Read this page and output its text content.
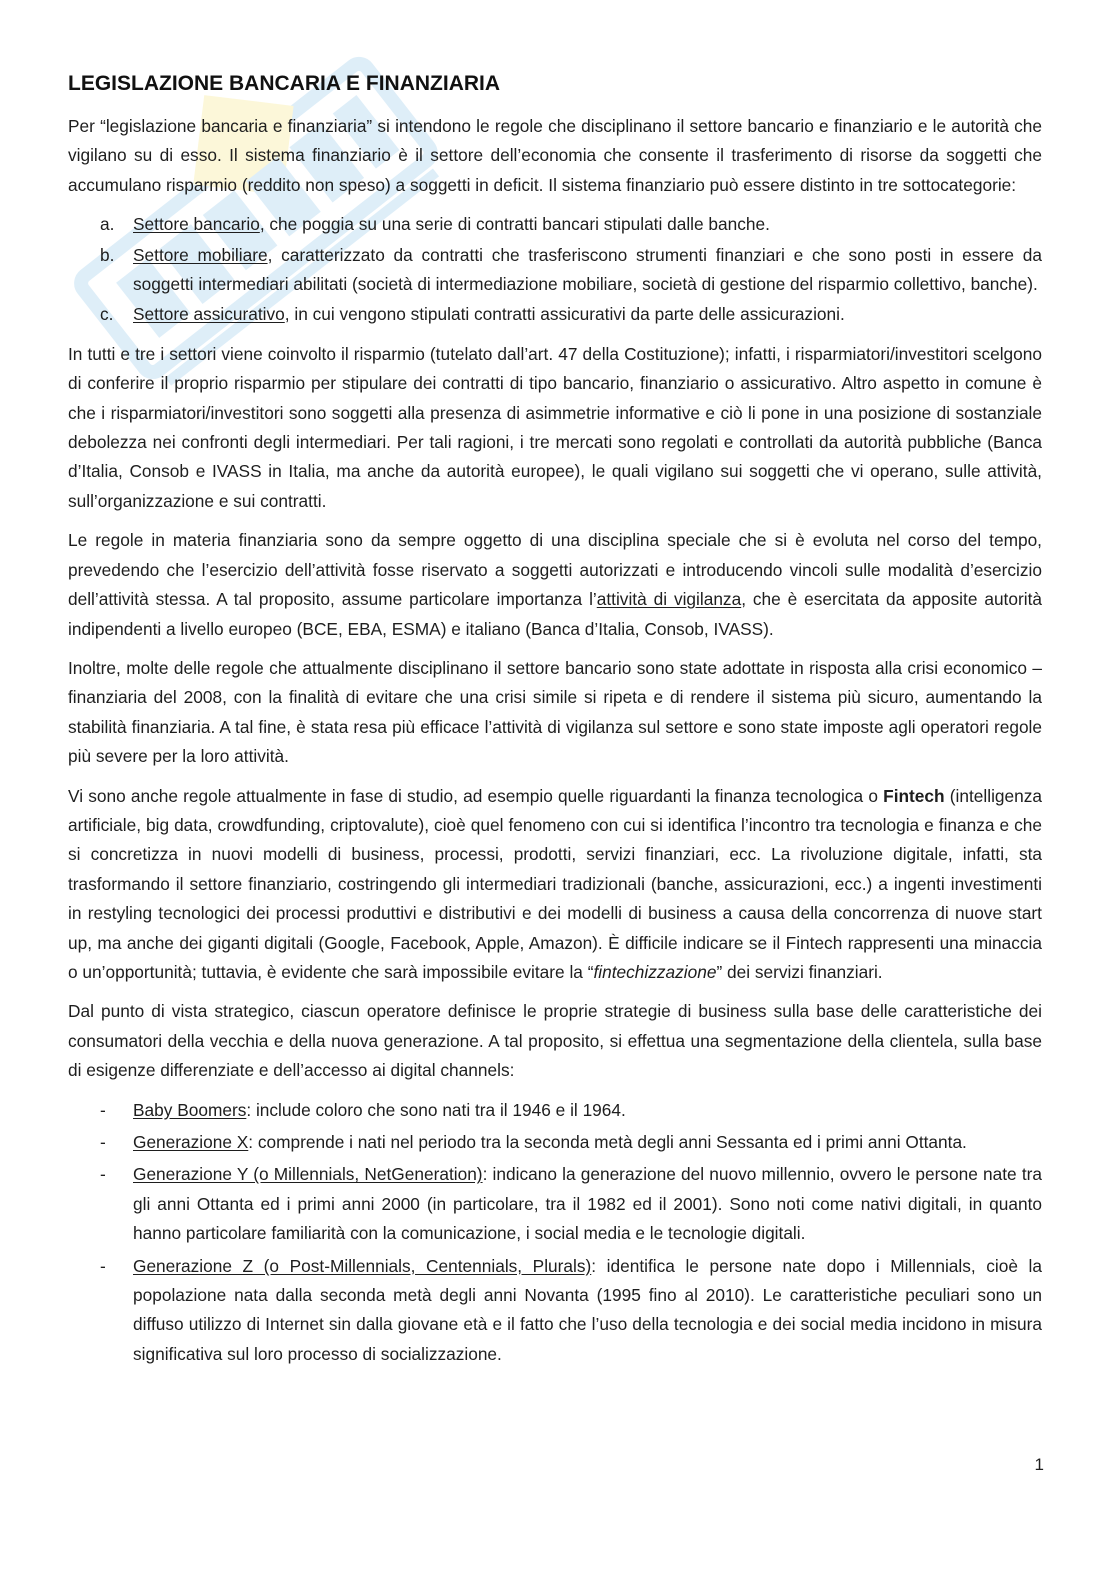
LEGISLAZIONE BANCARIA E FINANZIARIA

Per “legislazione bancaria e finanziaria” si intendono le regole che disciplinano il settore bancario e finanziario e le autorità che vigilano su di esso. Il sistema finanziario è il settore dell’economia che consente il trasferimento di risorse da soggetti che accumulano risparmio (reddito non speso) a soggetti in deficit. Il sistema finanziario può essere distinto in tre sottocategorie:

a. Settore bancario, che poggia su una serie di contratti bancari stipulati dalle banche.
b. Settore mobiliare, caratterizzato da contratti che trasferiscono strumenti finanziari e che sono posti in essere da soggetti intermediari abilitati (società di intermediazione mobiliare, società di gestione del risparmio collettivo, banche).
c. Settore assicurativo, in cui vengono stipulati contratti assicurativi da parte delle assicurazioni.

In tutti e tre i settori viene coinvolto il risparmio (tutelato dall’art. 47 della Costituzione); infatti, i risparmiatori/investitori scelgono di conferire il proprio risparmio per stipulare dei contratti di tipo bancario, finanziario o assicurativo. Altro aspetto in comune è che i risparmiatori/investitori sono soggetti alla presenza di asimmetrie informative e ciò li pone in una posizione di sostanziale debolezza nei confronti degli intermediari. Per tali ragioni, i tre mercati sono regolati e controllati da autorità pubbliche (Banca d’Italia, Consob e IVASS in Italia, ma anche da autorità europee), le quali vigilano sui soggetti che vi operano, sulle attività, sull’organizzazione e sui contratti.

Le regole in materia finanziaria sono da sempre oggetto di una disciplina speciale che si è evoluta nel corso del tempo, prevedendo che l’esercizio dell’attività fosse riservato a soggetti autorizzati e introducendo vincoli sulle modalità d’esercizio dell’attività stessa. A tal proposito, assume particolare importanza l’attività di vigilanza, che è esercitata da apposite autorità indipendenti a livello europeo (BCE, EBA, ESMA) e italiano (Banca d’Italia, Consob, IVASS).

Inoltre, molte delle regole che attualmente disciplinano il settore bancario sono state adottate in risposta alla crisi economico – finanziaria del 2008, con la finalità di evitare che una crisi simile si ripeta e di rendere il sistema più sicuro, aumentando la stabilità finanziaria. A tal fine, è stata resa più efficace l’attività di vigilanza sul settore e sono state imposte agli operatori regole più severe per la loro attività.

Vi sono anche regole attualmente in fase di studio, ad esempio quelle riguardanti la finanza tecnologica o Fintech (intelligenza artificiale, big data, crowdfunding, criptovalute), cioè quel fenomeno con cui si identifica l’incontro tra tecnologia e finanza e che si concretizza in nuovi modelli di business, processi, prodotti, servizi finanziari, ecc. La rivoluzione digitale, infatti, sta trasformando il settore finanziario, costringendo gli intermediari tradizionali (banche, assicurazioni, ecc.) a ingenti investimenti in restyling tecnologici dei processi produttivi e distributivi e dei modelli di business a causa della concorrenza di nuove start up, ma anche dei giganti digitali (Google, Facebook, Apple, Amazon). È difficile indicare se il Fintech rappresenti una minaccia o un’opportunità; tuttavia, è evidente che sarà impossibile evitare la “fintechizzazione” dei servizi finanziari.

Dal punto di vista strategico, ciascun operatore definisce le proprie strategie di business sulla base delle caratteristiche dei consumatori della vecchia e della nuova generazione. A tal proposito, si effettua una segmentazione della clientela, sulla base di esigenze differenziate e dell’accesso ai digital channels:

- Baby Boomers: include coloro che sono nati tra il 1946 e il 1964.
- Generazione X: comprende i nati nel periodo tra la seconda metà degli anni Sessanta ed i primi anni Ottanta.
- Generazione Y (o Millennials, NetGeneration): indicano la generazione del nuovo millennio, ovvero le persone nate tra gli anni Ottanta ed i primi anni 2000 (in particolare, tra il 1982 ed il 2001). Sono noti come nativi digitali, in quanto hanno particolare familiarità con la comunicazione, i social media e le tecnologie digitali.
- Generazione Z (o Post-Millennials, Centennials, Plurals): identifica le persone nate dopo i Millennials, cioè la popolazione nata dalla seconda metà degli anni Novanta (1995 fino al 2010). Le caratteristiche peculiari sono un diffuso utilizzo di Internet sin dalla giovane età e il fatto che l’uso della tecnologia e dei social media incidono in misura significativa sul loro processo di socializzazione.
1
